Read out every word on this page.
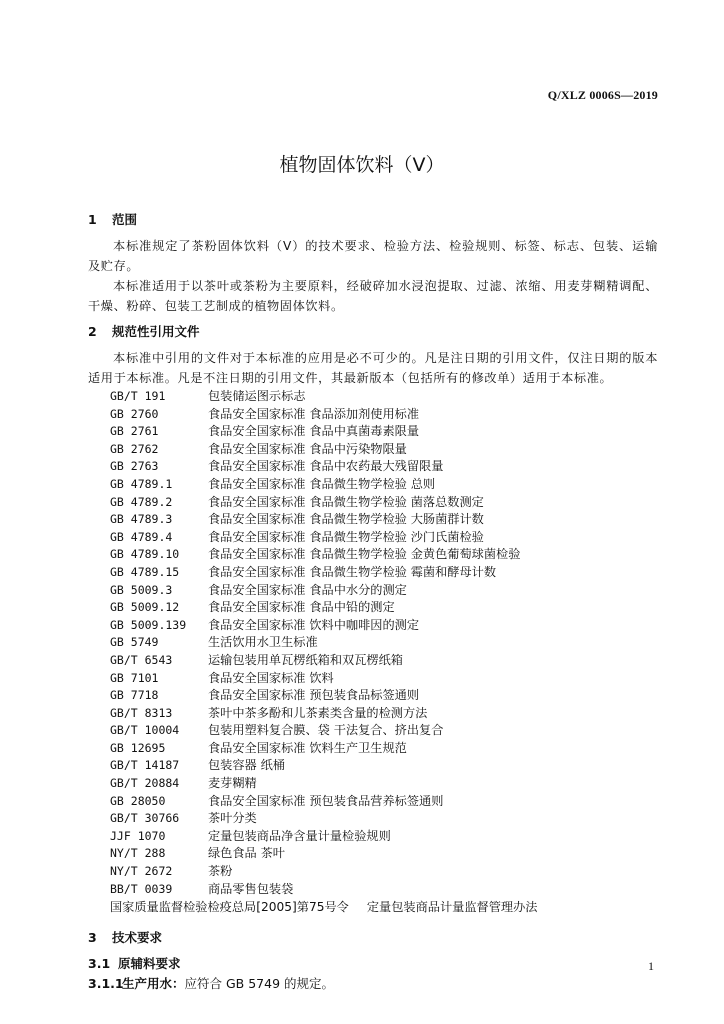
Q/XLZ 0006S—2019
植物固体饮料（Ⅴ）
1 范围
本标准规定了茶粉固体饮料（Ⅴ）的技术要求、检验方法、检验规则、标签、标志、包装、运输及贮存。
本标准适用于以茶叶或茶粉为主要原料，经破碎加水浸泡提取、过滤、浓缩、用麦芽糊精调配、干燥、粉碎、包装工艺制成的植物固体饮料。
2 规范性引用文件
本标准中引用的文件对于本标准的应用是必不可少的。凡是注日期的引用文件，仅注日期的版本适用于本标准。凡是不注日期的引用文件，其最新版本（包括所有的修改单）适用于本标准。
GB/T 191	包装储运图示标志
GB 2760	食品安全国家标准 食品添加剂使用标准
GB 2761	食品安全国家标准 食品中真菌毒素限量
GB 2762	食品安全国家标准 食品中污染物限量
GB 2763	食品安全国家标准 食品中农药最大残留限量
GB 4789.1	食品安全国家标准 食品微生物学检验 总则
GB 4789.2	食品安全国家标准 食品微生物学检验 菌落总数测定
GB 4789.3	食品安全国家标准 食品微生物学检验 大肠菌群计数
GB 4789.4	食品安全国家标准 食品微生物学检验 沙门氏菌检验
GB 4789.10 食品安全国家标准 食品微生物学检验 金黄色葡萄球菌检验
GB 4789.15 食品安全国家标准 食品微生物学检验 霉菌和酵母计数
GB 5009.3	食品安全国家标准 食品中水分的测定
GB 5009.12 食品安全国家标准 食品中铅的测定
GB 5009.139 食品安全国家标准 饮料中咖啡因的测定
GB 5749	生活饮用水卫生标准
GB/T 6543	运输包装用单瓦楞纸箱和双瓦楞纸箱
GB 7101	食品安全国家标准 饮料
GB 7718	食品安全国家标准 预包装食品标签通则
GB/T 8313	茶叶中茶多酚和儿茶素类含量的检测方法
GB/T 10004 包装用塑料复合膜、袋 干法复合、挤出复合
GB 12695	食品安全国家标准 饮料生产卫生规范
GB/T 14187 包装容器 纸桶
GB/T 20884 麦芽糊精
GB 28050	食品安全国家标准 预包装食品营养标签通则
GB/T 30766 茶叶分类
JJF 1070	定量包装商品净含量计量检验规则
NY/T 288	绿色食品 茶叶
NY/T 2672	茶粉
BB/T 0039	商品零售包装袋
国家质量监督检验检疫总局[2005]第75号令 定量包装商品计量监督管理办法
3 技术要求
3.1 原辅料要求
3.1.1生产用水：应符合 GB 5749 的规定。
1
